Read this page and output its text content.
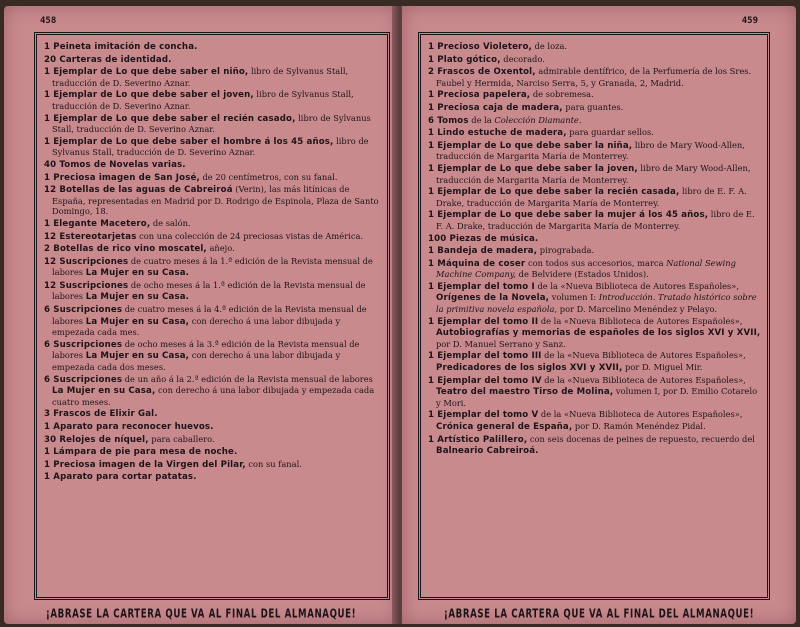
458
1 Peineta imitación de concha.
20 Carteras de identidad.
1 Ejemplar de Lo que debe saber el niño, libro de Sylvanus Stall, traducción de D. Severino Aznar.
1 Ejemplar de Lo que debe saber el joven, libro de Sylvanus Stall, traducción de D. Severino Aznar.
1 Ejemplar de Lo que debe saber el recién casado, libro de Sylvanus Stall, traducción de D. Severino Aznar.
1 Ejemplar de Lo que debe saber el hombre á los 45 años, libro de Sylvanus Stall, traducción de D. Severino Aznar.
40 Tomos de Novelas varias.
1 Preciosa imagen de San José, de 20 centímetros, con su fanal.
12 Botellas de las aguas de Cabreiroá (Verin), las más litínicas de España, representadas en Madrid por D. Rodrigo de Espinola, Plaza de Santo Domingo, 18.
1 Elegante Macetero, de salón.
12 Estereotarjetas con una colección de 24 preciosas vistas de América.
2 Botellas de rico vino moscatel, añejo.
12 Suscripciones de cuatro meses á la 1.ª edición de la Revista mensual de labores La Mujer en su Casa.
12 Suscripciones de ocho meses á la 1.ª edición de la Revista mensual de labores La Mujer en su Casa.
6 Suscripciones de cuatro meses á la 4.ª edición de la Revista mensual de labores La Mujer en su Casa, con derecho á una labor dibujada y empezada cada mes.
6 Suscripciones de ocho meses á la 3.ª edición de la Revista mensual de labores La Mujer en su Casa, con derecho á una labor dibujada y empezada cada dos meses.
6 Suscripciones de un año á la 2.ª edición de la Revista mensual de labores La Mujer en su Casa, con derecho á una labor dibujada y empezada cada cuatro meses.
3 Frascos de Elixir Gal.
1 Aparato para reconocer huevos.
30 Relojes de níquel, para caballero.
1 Lámpara de pie para mesa de noche.
1 Preciosa imagen de la Virgen del Pilar, con su fanal.
1 Aparato para cortar patatas.
¡ABRASE LA CARTERA QUE VA AL FINAL DEL ALMANAQUE!
459
1 Precioso Violetero, de loza.
1 Plato gótico, decorado.
2 Frascos de Oxentol, admirable dentífrico, de la Perfumería de los Sres. Faubel y Hermida, Narciso Serra, 5, y Granada, 2, Madrid.
1 Preciosa papelera, de sobremesa.
1 Preciosa caja de madera, para guantes.
6 Tomos de la Colección Diamante.
1 Lindo estuche de madera, para guardar sellos.
1 Ejemplar de Lo que debe saber la niña, libro de Mary Wood-Allen, traducción de Margarita María de Monterrey.
1 Ejemplar de Lo que debe saber la joven, libro de Mary Wood-Allen, traducción de Margarita María de Monterrey.
1 Ejemplar de Lo que debe saber la recién casada, libro de E. F. A. Drake, traducción de Margarita María de Monterrey.
1 Ejemplar de Lo que debe saber la mujer á los 45 años, libro de E. F. A. Drake, traducción de Margarita María de Monterrey.
100 Piezas de música.
1 Bandeja de madera, pirograbada.
1 Máquina de coser con todos sus accesorios, marca National Sewing Machine Company, de Belvidere (Estados Unidos).
1 Ejemplar del tomo I de la «Nueva Biblioteca de Autores Españoles», Orígenes de la Novela, volumen I: Introducción. Tratado histórico sobre la primitiva novela española, por D. Marcelino Menéndez y Pelayo.
1 Ejemplar del tomo II de la «Nueva Biblioteca de Autores Españoles», Autobiografías y memorias de españoles de los siglos XVI y XVII, por D. Manuel Serrano y Sanz.
1 Ejemplar del tomo III de la «Nueva Biblioteca de Autores Españoles», Predicadores de los siglos XVI y XVII, por D. Miguel Mir.
1 Ejemplar del tomo IV de la «Nueva Biblioteca de Autores Españoles», Teatro del maestro Tirso de Molina, volumen I, por D. Emilio Cotarelo y Mori.
1 Ejemplar del tomo V de la «Nueva Biblioteca de Autores Españoles», Crónica general de España, por D. Ramón Menéndez Pidal.
1 Artístico Palillero, con seis docenas de peines de repuesto, recuerdo del Balneario Cabreiroá.
¡ABRASE LA CARTERA QUE VA AL FINAL DEL ALMANAQUE!
